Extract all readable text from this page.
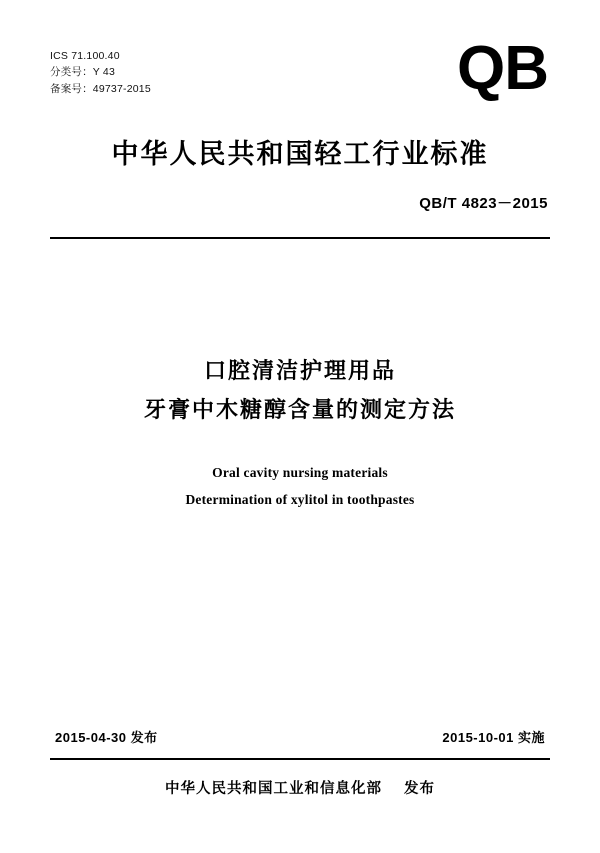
ICS 71.100.40
分类号：Y 43
备案号：49737-2015	QB
中华人民共和国轻工行业标准
QB/T 4823－2015
口腔清洁护理用品
牙膏中木糖醇含量的测定方法
Oral cavity nursing materials
Determination of xylitol in toothpastes
2015-04-30 发布	2015-10-01 实施
中华人民共和国工业和信息化部 发布
